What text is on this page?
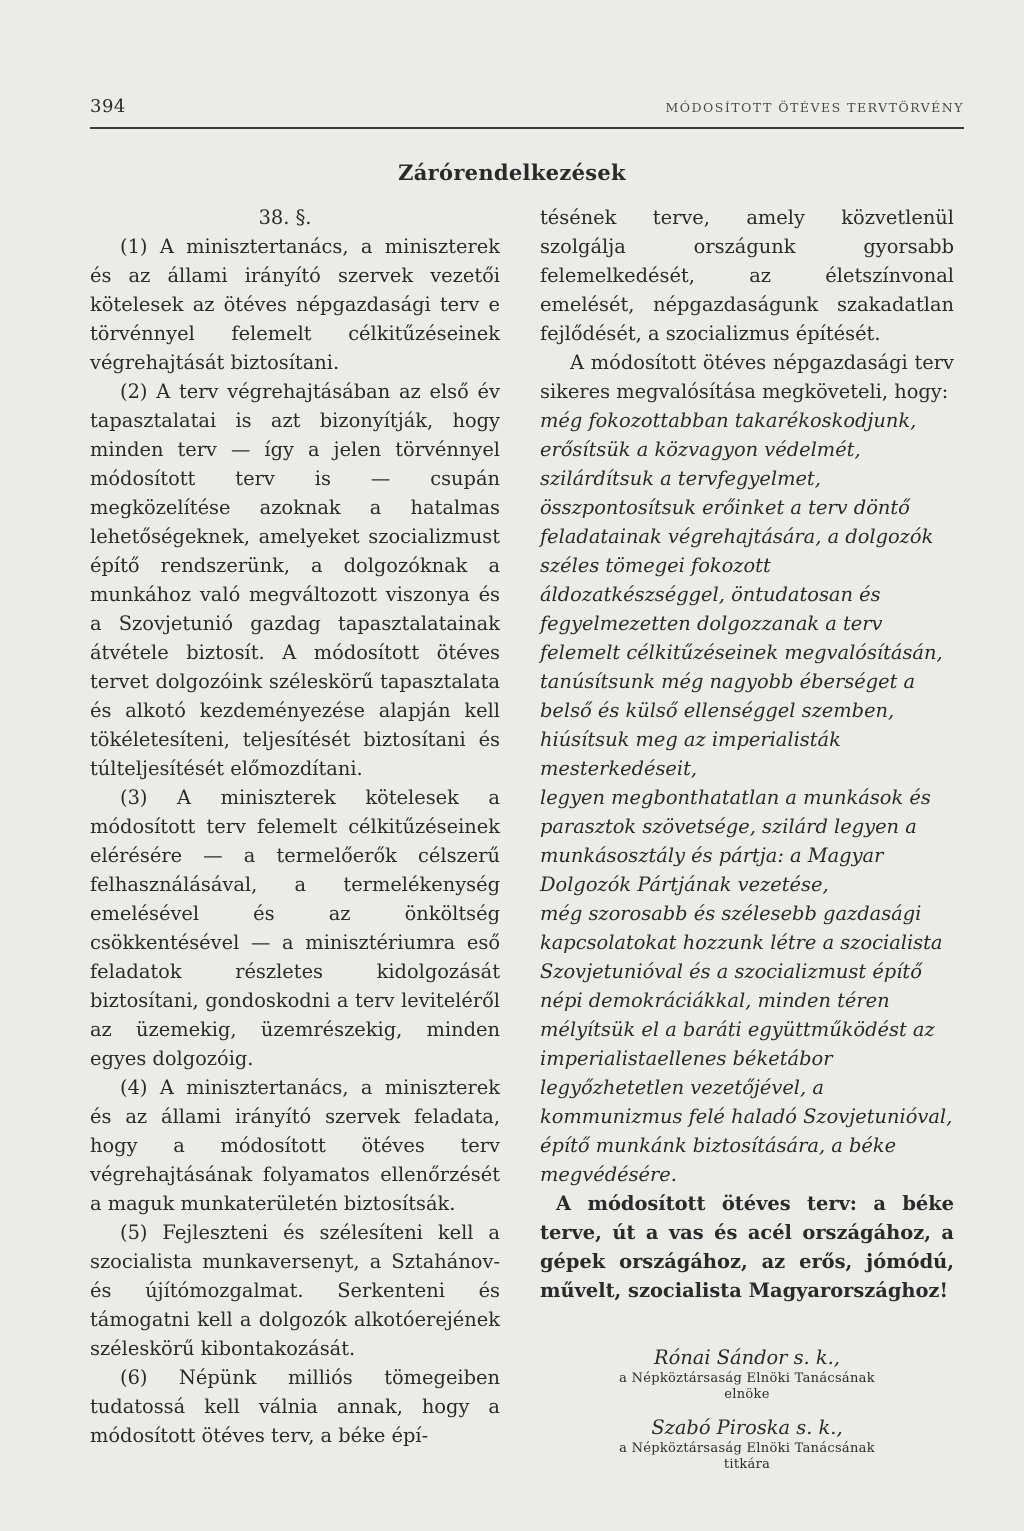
394	MÓDOSÍTOTT ÖTÉVES TERVTÖRVÉNY
Zárórendelkezések

38. §.

(1) A minisztertanács, a miniszterek és az állami irányító szervek vezetői kötelesek az ötéves népgazdasági terv e törvénnyel felemelt célkitűzéseinek végrehajtását biztosítani.

(2) A terv végrehajtásában az első év tapasztalatai is azt bizonyítják, hogy minden terv — így a jelen törvénnyel módosított terv is — csupán megközelítése azoknak a hatalmas lehetőségeknek, amelyeket szocializmust építő rendszerünk, a dolgozóknak a munkához való megváltozott viszonya és a Szovjetunió gazdag tapasztalatainak átvétele biztosít. A módosított ötéves tervet dolgozóink széleskörű tapasztalata és alkotó kezdeményezése alapján kell tökéletesíteni, teljesítését biztosítani és túlteljesítését előmozdítani.

(3) A miniszterek kötelesek a módosított terv felemelt célkitűzéseinek elérésére — a termelőerők célszerű felhasználásával, a termelékenység emelésével és az önköltség csökkentésével — a minisztériumra eső feladatok részletes kidolgozását biztosítani, gondoskodni a terv leviteléről az üzemekig, üzemrészekig, minden egyes dolgozóig.

(4) A minisztertanács, a miniszterek és az állami irányító szervek feladata, hogy a módosított ötéves terv végrehajtásának folyamatos ellenőrzését a maguk munkaterületén biztosítsák.

(5) Fejleszteni és szélesíteni kell a szocialista munkaversenyt, a Sztahánov- és újítómozgalmat. Serkenteni és támogatni kell a dolgozók alkotóerejének széleskörű kibontakozását.

(6) Népünk milliós tömegeiben tudatossá kell válnia annak, hogy a módosított ötéves terv, a béke épí-

tésének terve, amely közvetlenül szolgálja országunk gyorsabb felemelkedését, az életszínvonal emelését, népgazdaságunk szakadatlan fejlődését, a szocializmus építését.

A módosított ötéves népgazdasági terv sikeres megvalósítása megköveteli, hogy:

még fokozottabban takarékoskodjunk, erősítsük a közvagyon védelmét, szilárdítsuk a tervfegyelmet, összpontosítsuk erőinket a terv döntő feladatainak végrehajtására, a dolgozók széles tömegei fokozott áldozatkészséggel, öntudatosan és fegyelmezetten dolgozzanak a terv felemelt célkitűzéseinek megvalósításán,

tanúsítsunk még nagyobb éberséget a belső és külső ellenséggel szemben, hiúsítsuk meg az imperialisták mesterkedéseit,

legyen megbonthatatlan a munkások és parasztok szövetsége, szilárd legyen a munkásosztály és pártja: a Magyar Dolgozók Pártjának vezetése,

még szorosabb és szélesebb gazdasági kapcsolatokat hozzunk létre a szocialista Szovjetunióval és a szocializmust építő népi demokráciákkal, minden téren mélyítsük el a baráti együttműködést az imperialistaellenes béketábor legyőzhetetlen vezetőjével, a kommunizmus felé haladó Szovjetunióval, építő munkánk biztosítására, a béke megvédésére.

A módosított ötéves terv: a béke terve, út a vas és acél országához, a gépek országához, az erős, jómódú, művelt, szocialista Magyarországhoz!

Rónai Sándor s. k.,
a Népköztársaság Elnöki Tanácsának
elnöke
Szabó Piroska s. k.,
a Népköztársaság Elnöki Tanácsának
titkára
